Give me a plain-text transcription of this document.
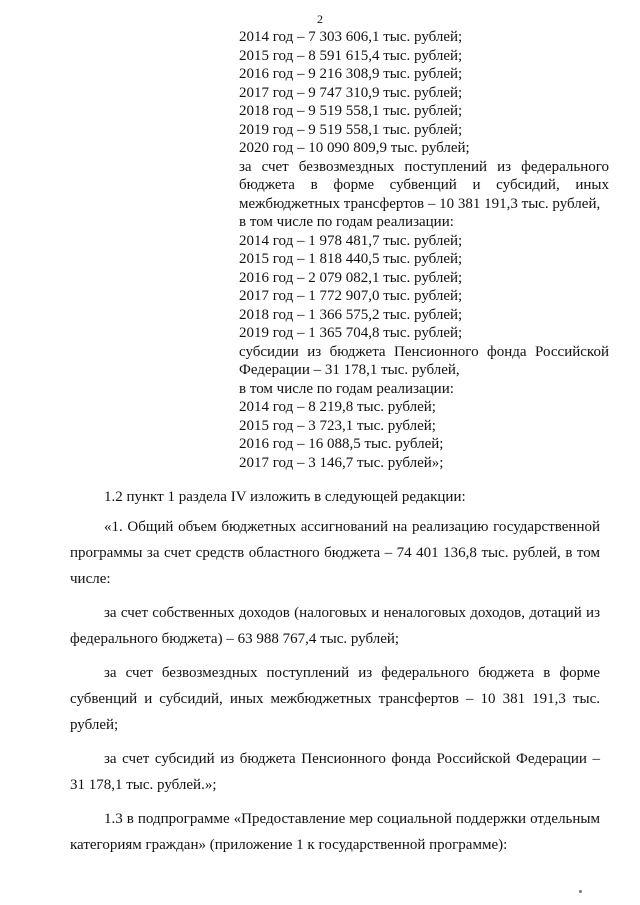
2
2014 год – 7 303 606,1 тыс. рублей;
2015 год – 8 591 615,4 тыс. рублей;
2016 год – 9 216 308,9 тыс. рублей;
2017 год – 9 747 310,9 тыс. рублей;
2018 год – 9 519 558,1 тыс. рублей;
2019 год – 9 519 558,1 тыс. рублей;
2020 год – 10 090 809,9 тыс. рублей;
за счет безвозмездных поступлений из федерального бюджета в форме субвенций и субсидий, иных межбюджетных трансфертов – 10 381 191,3 тыс. рублей,
в том числе по годам реализации:
2014 год – 1 978 481,7 тыс. рублей;
2015 год – 1 818 440,5 тыс. рублей;
2016 год – 2 079 082,1 тыс. рублей;
2017 год – 1 772 907,0 тыс. рублей;
2018 год – 1 366 575,2 тыс. рублей;
2019 год – 1 365 704,8 тыс. рублей;
субсидии из бюджета Пенсионного фонда Российской Федерации – 31 178,1 тыс. рублей,
в том числе по годам реализации:
2014 год – 8 219,8 тыс. рублей;
2015 год – 3 723,1 тыс. рублей;
2016 год – 16 088,5 тыс. рублей;
2017 год – 3 146,7 тыс. рублей»;

1.2 пункт 1 раздела IV изложить в следующей редакции:

«1. Общий объем бюджетных ассигнований на реализацию государственной программы за счет средств областного бюджета – 74 401 136,8 тыс. рублей, в том числе:

за счет собственных доходов (налоговых и неналоговых доходов, дотаций из федерального бюджета) – 63 988 767,4 тыс. рублей;

за счет безвозмездных поступлений из федерального бюджета в форме субвенций и субсидий, иных межбюджетных трансфертов – 10 381 191,3 тыс. рублей;

за счет субсидий из бюджета Пенсионного фонда Российской Федерации – 31 178,1 тыс. рублей.»;

1.3 в подпрограмме «Предоставление мер социальной поддержки отдельным категориям граждан» (приложение 1 к государственной программе):
